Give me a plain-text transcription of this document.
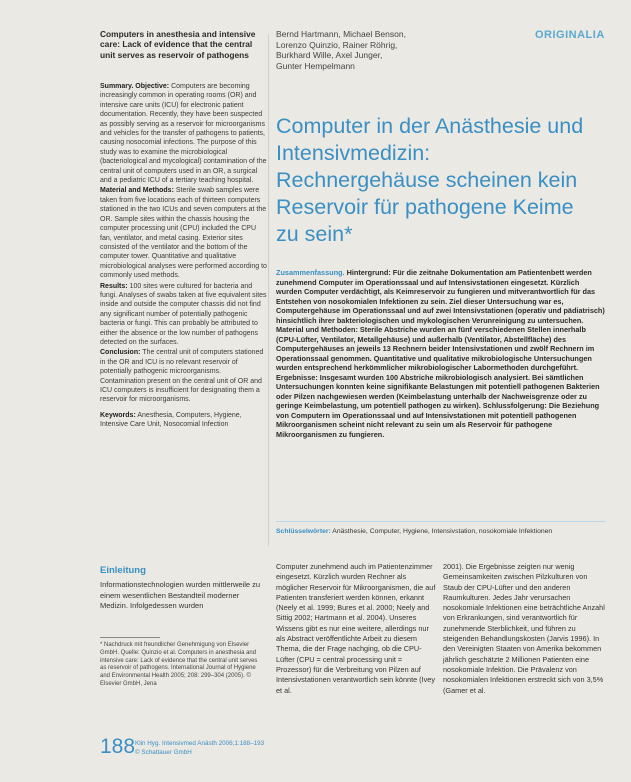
ORIGINALIA
Computers in anesthesia and intensive care: Lack of evidence that the central unit serves as reservoir of pathogens

Summary. Objective: Computers are becoming increasingly common in operating rooms (OR) and intensive care units (ICU) for electronic patient documentation. Recently, they have been suspected as possibly serving as a reservoir for microorganisms and vehicles for the transfer of pathogens to patients, causing nosocomial infections. The purpose of this study was to examine the microbiological (bacteriological and mycological) contamination of the central unit of computers used in an OR, a surgical and a pediatric ICU of a tertiary teaching hospital.

Material and Methods: Sterile swab samples were taken from five locations each of thirteen computers stationed in the two ICUs and seven computers at the OR. Sample sites within the chassis housing the computer processing unit (CPU) included the CPU fan, ventilator, and metal casing. Exterior sites consisted of the ventilator and the bottom of the computer tower. Quantitative and qualitative microbiological analyses were performed according to commonly used methods.

Results: 100 sites were cultured for bacteria and fungi. Analyses of swabs taken at five equivalent sites inside and outside the computer chassis did not find any significant number of potentially pathogenic bacteria or fungi. This can probably be attributed to either the absence or the low number of pathogens detected on the surfaces.

Conclusion: The central unit of computers stationed in the OR and ICU is no relevant reservoir of potentially pathogenic microorganisms. Contamination present on the central unit of OR and ICU computers is insufficient for designating them a reservoir for microorganisms.

Keywords: Anesthesia, Computers, Hygiene, Intensive Care Unit, Nosocomial Infection

Bernd Hartmann, Michael Benson,
Lorenzo Quinzio, Rainer Röhrig,
Burkhard Wille, Axel Junger,
Gunter Hempelmann
Computer in der Anästhesie und
Intensivmedizin:
Rechnergehäuse scheinen kein
Reservoir für pathogene Keime
zu sein*
Zusammenfassung. Hintergrund: Für die zeitnahe Dokumentation am Patientenbett werden zunehmend Computer im Operationssaal und auf Intensivstationen eingesetzt. Kürzlich wurden Computer verdächtigt, als Keimreservoir zu fungieren und mitverantwortlich für das Entstehen von nosokomialen Infektionen zu sein. Ziel dieser Untersuchung war es, Computergehäuse im Operationssaal und auf zwei Intensivstationen (operativ und pädiatrisch) hinsichtlich ihrer bakteriologischen und mykologischen Verunreinigung zu untersuchen. Material und Methoden: Sterile Abstriche wurden an fünf verschiedenen Stellen innerhalb (CPU-Lüfter, Ventilator, Metallgehäuse) und außerhalb (Ventilator, Abstellfläche) des Computergehäuses an jeweils 13 Rechnern beider Intensivstationen und zwölf Rechnern im Operationssaal genommen. Quantitative und qualitative mikrobiologische Untersuchungen wurden entsprechend herkömmlicher mikrobiologischer Labormethoden durchgeführt. Ergebnisse: Insgesamt wurden 100 Abstriche mikrobiologisch analysiert. Bei sämtlichen Untersuchungen konnten keine signifikante Belastungen mit potentiell pathogenen Bakterien oder Pilzen nachgewiesen werden (Keimbelastung unterhalb der Nachweisgrenze oder zu geringe Keimbelastung, um potentiell pathogen zu wirken). Schlussfolgerung: Die Beziehung von Computern im Operationssaal und auf Intensivstationen mit potentiell pathogenen Mikroorganismen scheint nicht relevant zu sein um als Reservoir für pathogene Mikroorganismen zu fungieren.
Schlüsselwörter: Anästhesie, Computer, Hygiene, Intensivstation, nosokomiale Infektionen
Einleitung
Informationstechnologien wurden mittlerweile zu einem wesentlichen Bestandteil moderner Medizin. Infolgedessen wurden
* Nachdruck mit freundlicher Genehmigung von Elsevier GmbH. Quelle: Quinzio et al. Computers in anesthesia and intensive care: Lack of evidence that the central unit serves as reservoir of pathogens. International Journal of Hygiene and Environmental Health 2005; 208: 299–304 (2005). © Elsevier GmbH, Jena
Computer zunehmend auch im Patientenzimmer eingesetzt. Kürzlich wurden Rechner als möglicher Reservoir für Mikroorganismen, die auf Patienten transferiert werden können, erkannt (Neely et al. 1999; Bures et al. 2000; Neely and Sittig 2002; Hartmann et al. 2004). Unseres Wissens gibt es nur eine weitere, allerdings nur als Abstract veröffentlichte Arbeit zu diesem Thema, die der Frage nachging, ob die CPU-Lüfter (CPU = central processing unit = Prozessor) für die Verbreitung von Pilzen auf Intensivstationen verantwortlich sein könnte (Ivey et al.
2001). Die Ergebnisse zeigten nur wenig Gemeinsamkeiten zwischen Pilzkulturen von Staub der CPU-Lüfter und den anderen Raumkulturen. Jedes Jahr verursachen nosokomiale Infektionen eine beträchtliche Anzahl von Erkrankungen, sind verantwortlich für zunehmende Sterblichkeit, und führen zu steigenden Behandlungskosten (Jarvis 1996). In den Vereinigten Staaten von Amerika bekommen jährlich geschätzte 2 Millionen Patienten eine nosokomiale Infektion. Die Prävalenz von nosokomialen Infektionen erstreckt sich von 3,5% (Gamer et al.
188 Klin Hyg. Intensivmed Anästh 2006;1:188–193
© Schattauer GmbH
